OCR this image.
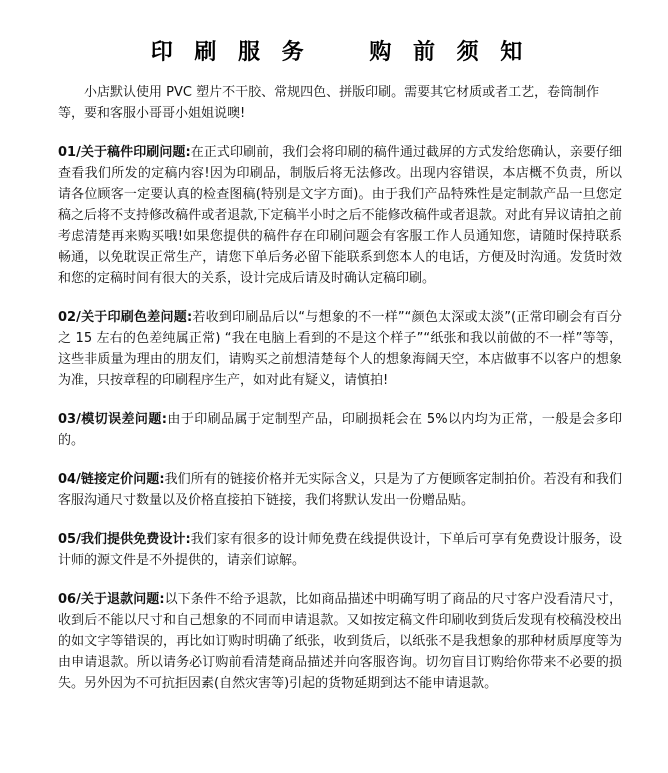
印 刷 服 务    购 前 须 知

小店默认使用 PVC 塑片不干胶、常规四色、拼版印刷。需要其它材质或者工艺，卷筒制作等，要和客服小哥哥小姐姐说噢!

01/关于稿件印刷问题:在正式印刷前，我们会将印刷的稿件通过截屏的方式发给您确认，亲要仔细查看我们所发的定稿内容!因为印刷品，制版后将无法修改。出现内容错误，本店概不负责，所以请各位顾客一定要认真的检查图稿(特别是文字方面)。由于我们产品特殊性是定制款产品一旦您定稿之后将不支持修改稿件或者退款,下定稿半小时之后不能修改稿件或者退款。对此有异议请拍之前考虑清楚再来购买哦!如果您提供的稿件存在印刷问题会有客服工作人员通知您，请随时保持联系畅通，以免耽误正常生产，请您下单后务必留下能联系到您本人的电话，方便及时沟通。发货时效和您的定稿时间有很大的关系，设计完成后请及时确认定稿印刷。

02/关于印刷色差问题:若收到印刷品后以“与想象的不一样”“颜色太深或太淡”(正常印刷会有百分之 15 左右的色差纯属正常) “我在电脑上看到的不是这个样子”“纸张和我以前做的不一样”等等，这些非质量为理由的朋友们，请购买之前想清楚每个人的想象海阔天空，本店做事不以客户的想象为准，只按章程的印刷程序生产，如对此有疑义，请慎拍!

03/模切误差问题:由于印刷品属于定制型产品，印刷损耗会在 5%以内均为正常，一般是会多印的。

04/链接定价问题:我们所有的链接价格并无实际含义，只是为了方便顾客定制拍价。若没有和我们客服沟通尺寸数量以及价格直接拍下链接，我们将默认发出一份赠品贴。

05/我们提供免费设计:我们家有很多的设计师免费在线提供设计，下单后可享有免费设计服务，设计师的源文件是不外提供的，请亲们谅解。

06/关于退款问题:以下条件不给予退款，比如商品描述中明确写明了商品的尺寸客户没看清尺寸，收到后不能以尺寸和自己想象的不同而申请退款。又如按定稿文件印刷收到货后发现有校稿没校出的如文字等错误的，再比如订购时明确了纸张，收到货后，以纸张不是我想象的那种材质厚度等为由申请退款。所以请务必订购前看清楚商品描述并向客服咨询。切勿盲目订购给你带来不必要的损失。另外因为不可抗拒因素(自然灾害等)引起的货物延期到达不能申请退款。
